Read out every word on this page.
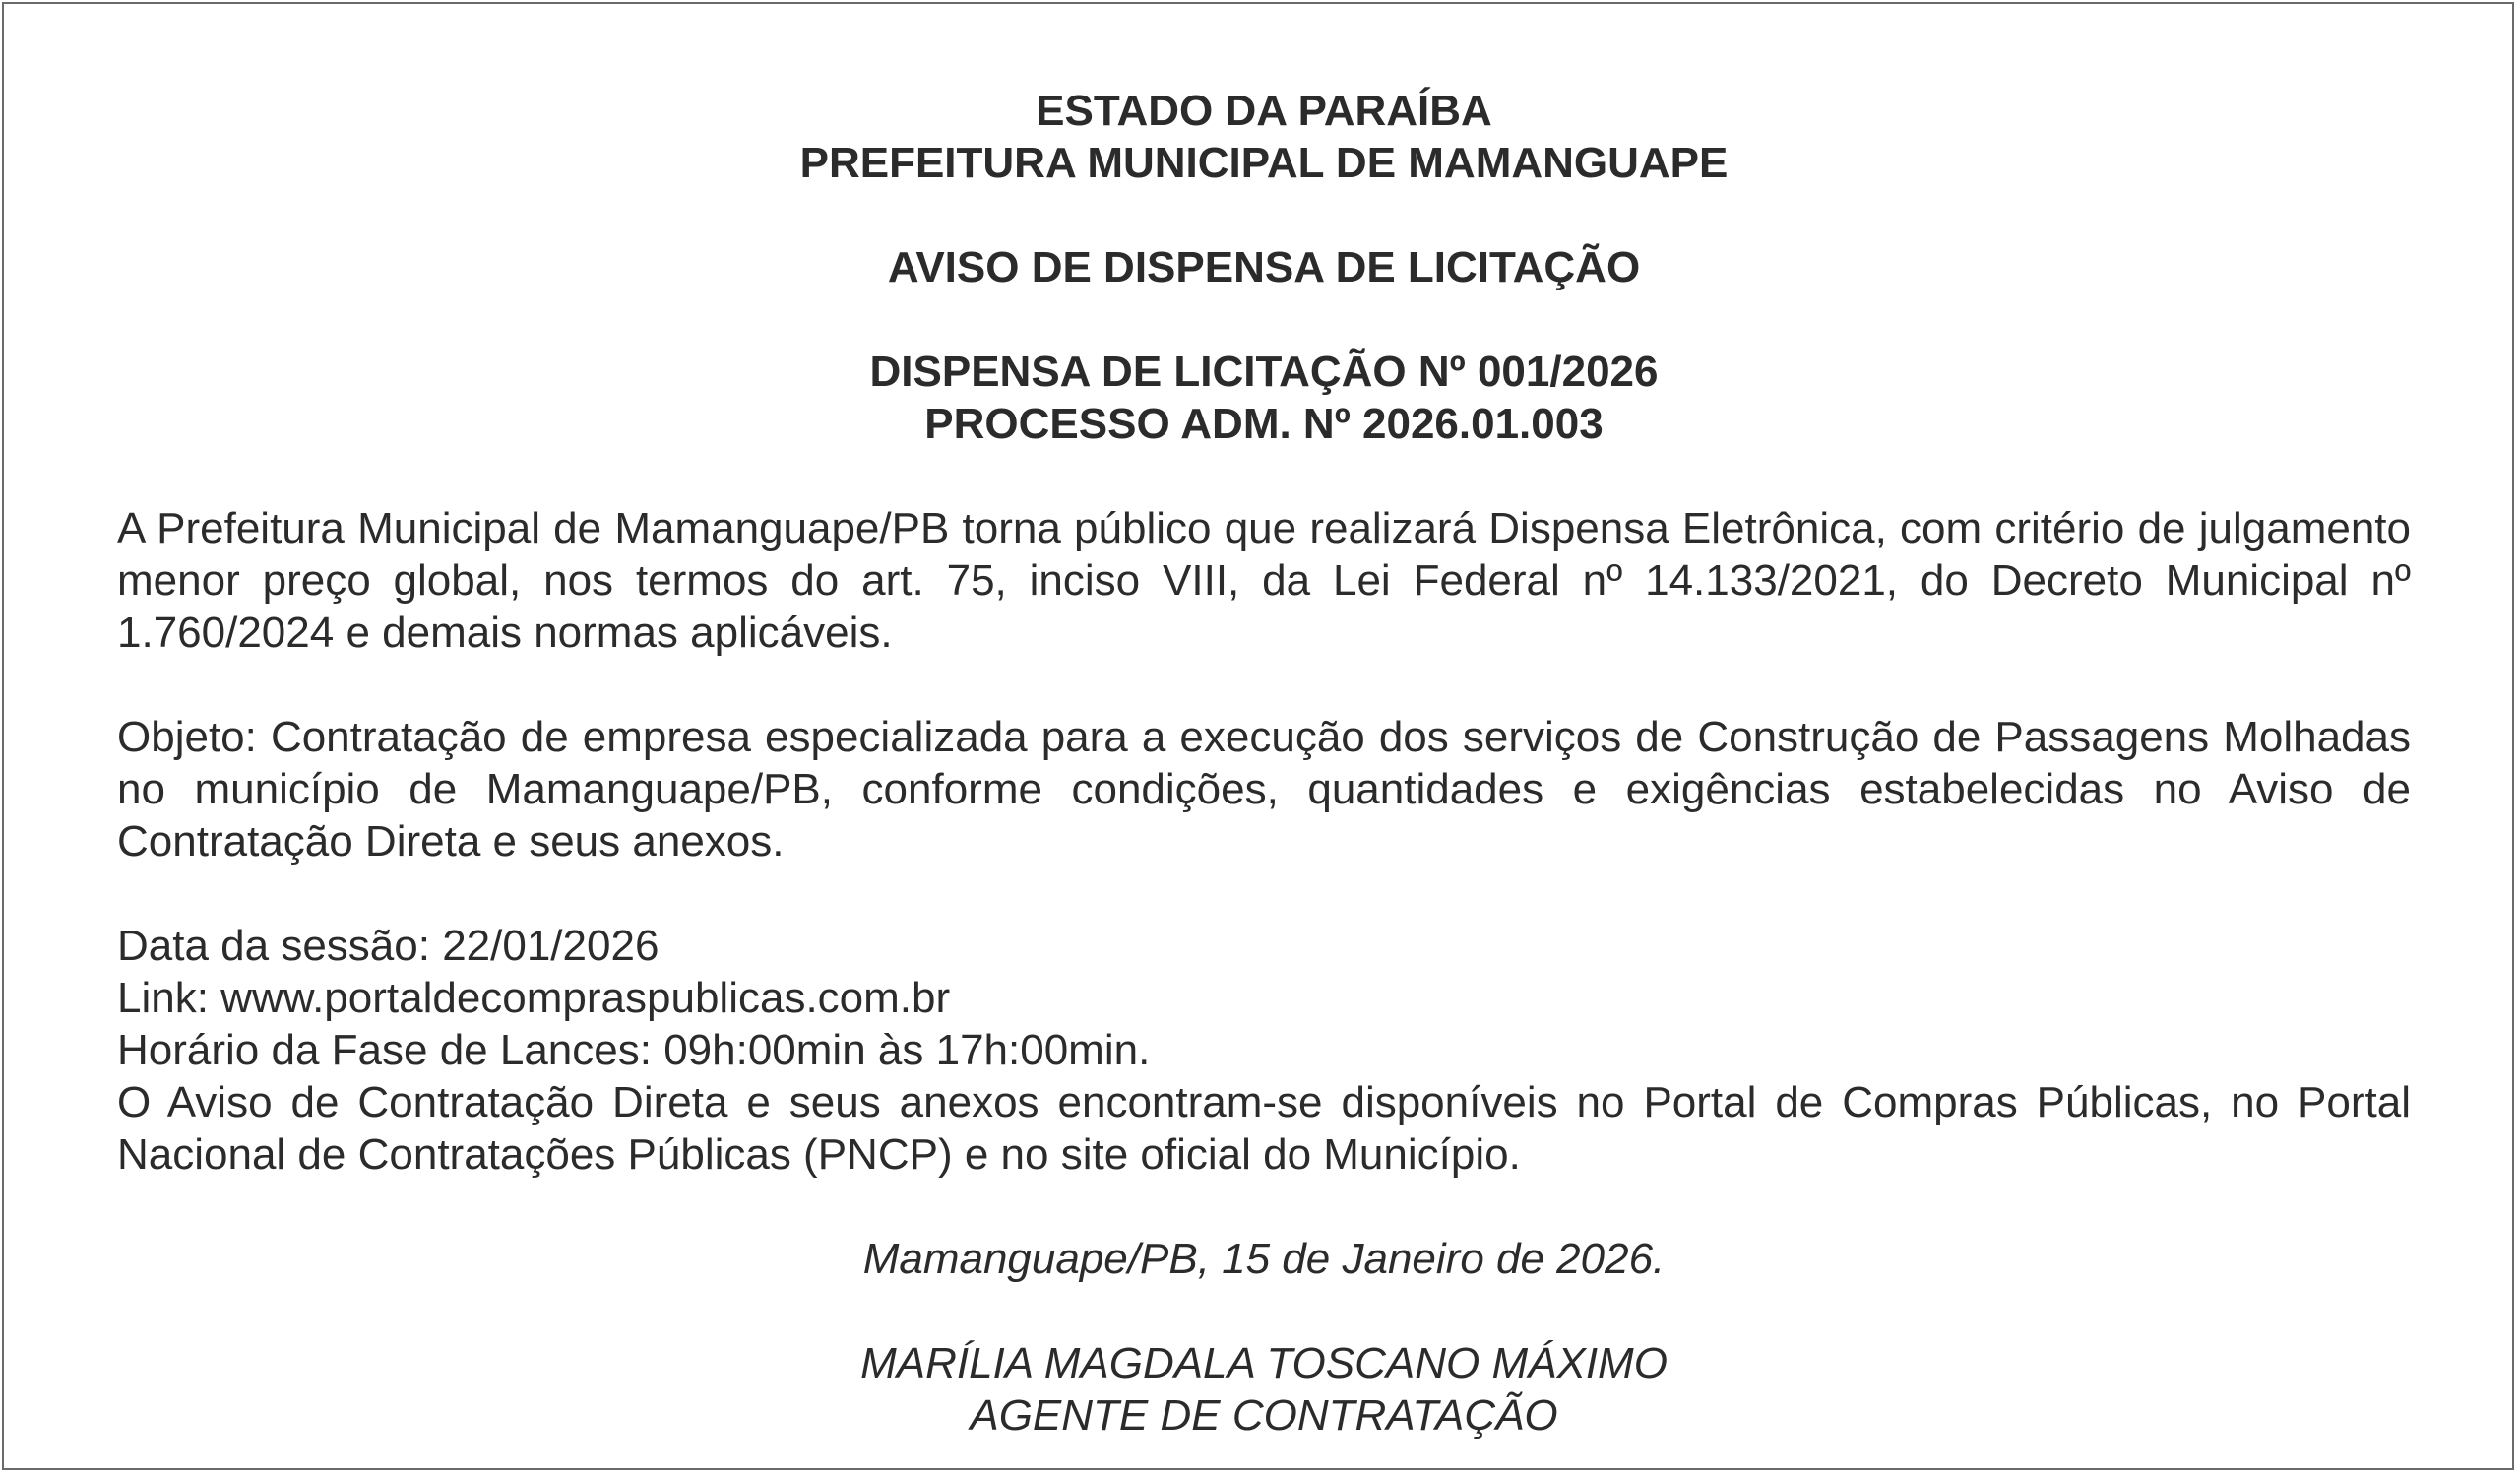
ESTADO DA PARAÍBA
PREFEITURA MUNICIPAL DE MAMANGUAPE
AVISO DE DISPENSA DE LICITAÇÃO
DISPENSA DE LICITAÇÃO Nº 001/2026
PROCESSO ADM. Nº 2026.01.003
A Prefeitura Municipal de Mamanguape/PB torna público que realizará Dispensa Eletrônica, com critério de julgamento menor preço global, nos termos do art. 75, inciso VIII, da Lei Federal nº 14.133/2021, do Decreto Municipal nº 1.760/2024 e demais normas aplicáveis.
Objeto: Contratação de empresa especializada para a execução dos serviços de Construção de Passagens Molhadas no município de Mamanguape/PB, conforme condições, quantidades e exigências estabelecidas no Aviso de Contratação Direta e seus anexos.
Data da sessão: 22/01/2026
Link: www.portaldecompraspublicas.com.br
Horário da Fase de Lances: 09h:00min às 17h:00min.
O Aviso de Contratação Direta e seus anexos encontram-se disponíveis no Portal de Compras Públicas, no Portal Nacional de Contratações Públicas (PNCP) e no site oficial do Município.
Mamanguape/PB, 15 de Janeiro de 2026.
MARÍLIA MAGDALA TOSCANO MÁXIMO
AGENTE DE CONTRATAÇÃO
